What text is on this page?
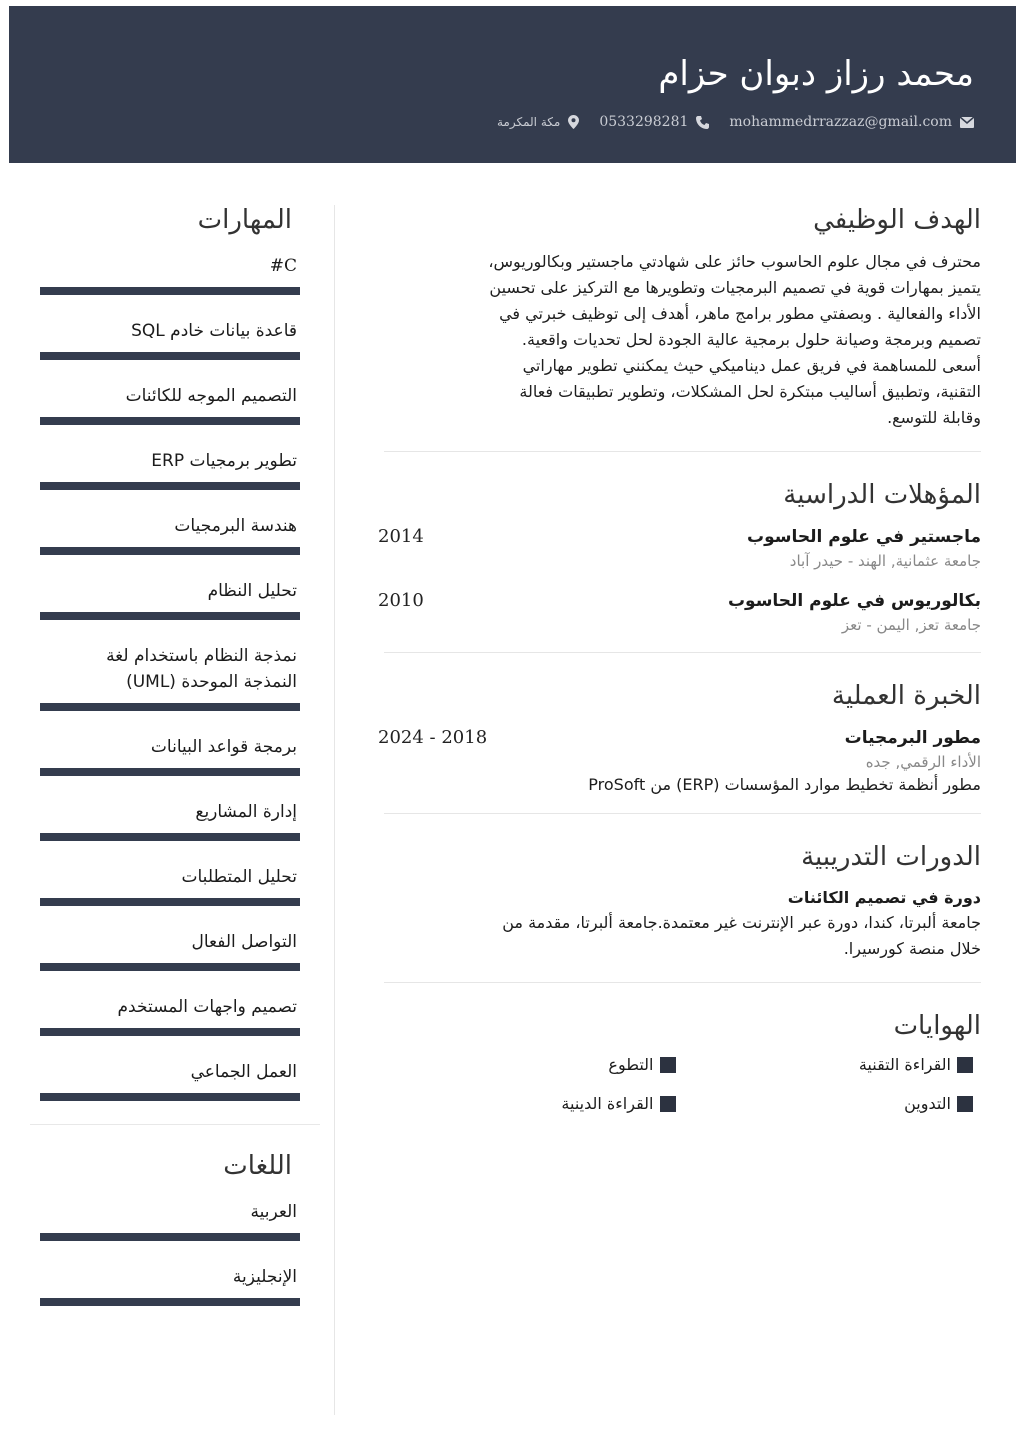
محمد رزاز دبوان حزام
mohammedrrazzaz@gmail.com
0533298281
مكة المكرمة
المهارات
C#
قاعدة بيانات خادم SQL
التصميم الموجه للكائنات
تطوير برمجيات ERP
هندسة البرمجيات
تحليل النظام
نمذجة النظام باستخدام لغة
النمذجة الموحدة (UML)
برمجة قواعد البيانات
إدارة المشاريع
تحليل المتطلبات
التواصل الفعال
تصميم واجهات المستخدم
العمل الجماعي
اللغات
العربية
الإنجليزية
الهدف الوظيفي
محترف في مجال علوم الحاسوب حائز على شهادتي ماجستير وبكالوريوس،
يتميز بمهارات قوية في تصميم البرمجيات وتطويرها مع التركيز على تحسين
الأداء والفعالية . وبصفتي مطور برامج ماهر، أهدف إلى توظيف خبرتي في
تصميم وبرمجة وصيانة حلول برمجية عالية الجودة لحل تحديات واقعية.
أسعى للمساهمة في فريق عمل ديناميكي حيث يمكنني تطوير مهاراتي
التقنية، وتطبيق أساليب مبتكرة لحل المشكلات، وتطوير تطبيقات فعالة
وقابلة للتوسع.
المؤهلات الدراسية
ماجستير في علوم الحاسوب
جامعة عثمانية, الهند - حيدر آباد
2014
بكالوريوس في علوم الحاسوب
جامعة تعز, اليمن - تعز
2010
الخبرة العملية
مطور البرمجيات
الأداء الرقمي, جده
2024 - 2018
مطور أنظمة تخطيط موارد المؤسسات (ERP) من ProSoft
الدورات التدريبية
دورة في تصميم الكائنات
جامعة ألبرتا، كندا، دورة عبر الإنترنت غير معتمدة.جامعة ألبرتا، مقدمة من
خلال منصة كورسيرا.
الهوايات
القراءة التقنية
التطوع
التدوين
القراءة الدينية
